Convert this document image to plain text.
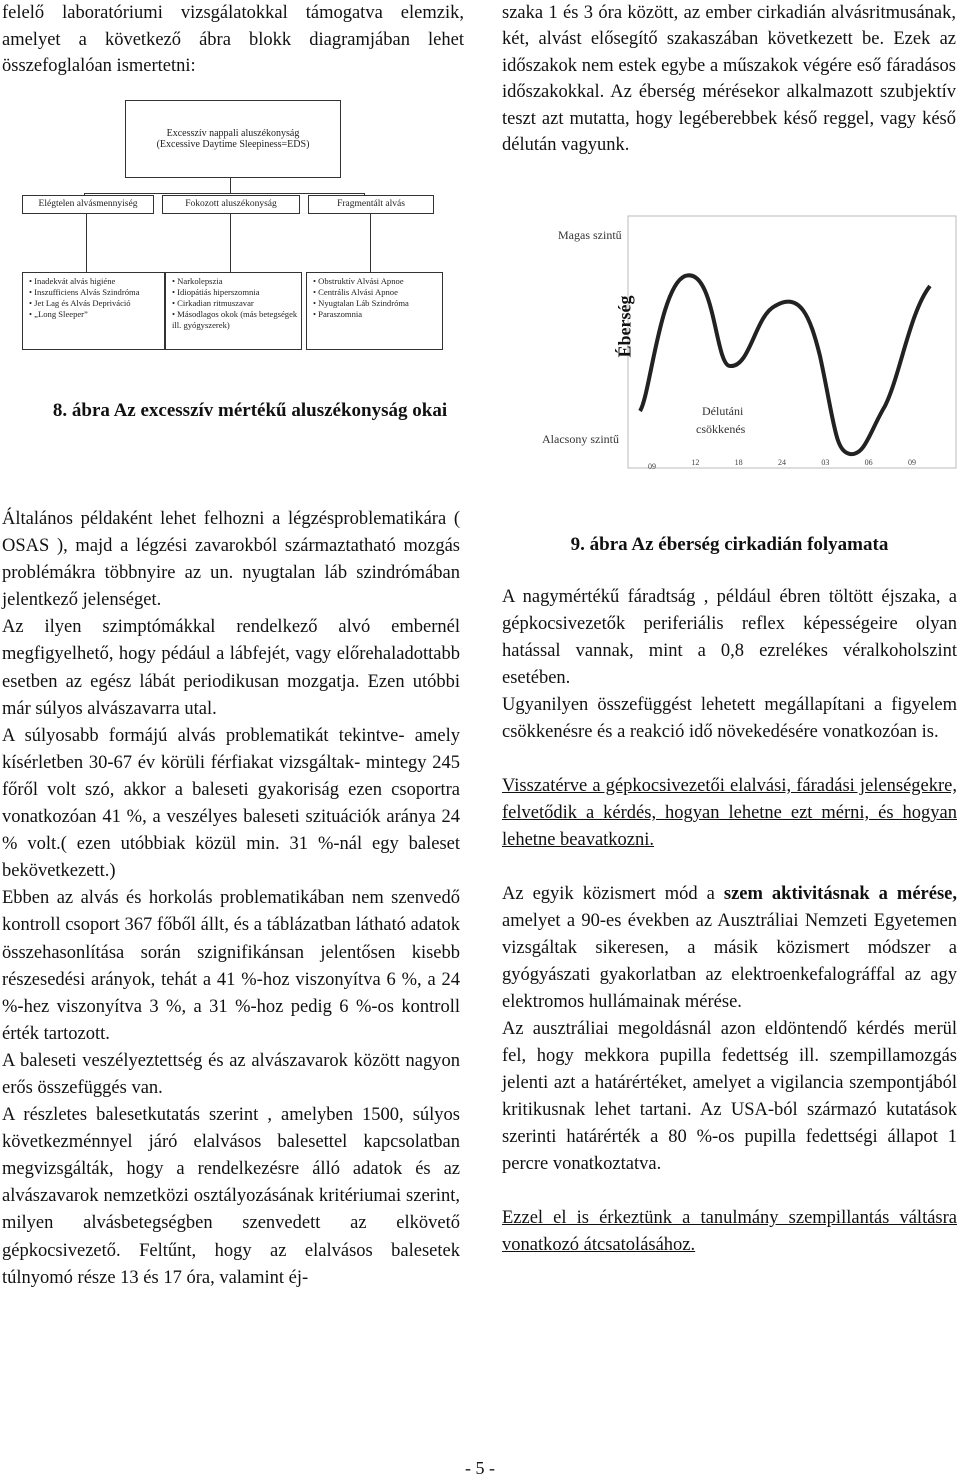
felelő laboratóriumi vizsgálatokkal támogatva elemzik, amelyet a következő ábra blokk diagramjában lehet összefoglalóan ismertetni:

szaka 1 és 3 óra között, az ember cirkadián alvásritmusának, két, alvást elősegítő szakaszában következett be. Ezek az időszakok nem estek egybe a műszakok végére eső fáradásos időszakokkal. Az éberség mérésekor alkalmazott szubjektív teszt azt mutatta, hogy legéberebbek késő reggel, vagy késő délután vagyunk.

Excesszív nappali aluszékonyság
(Excessive Daytime Sleepiness=EDS)
Elégtelen alvásmennyiség	Fokozott aluszékonyság	Fragmentált alvás
• Inadekvát alvás higiéne
• Inszufficiens Alvás Szindróma
• Jet Lag és Alvás Depriváció
• „Long Sleeper”
• Narkolepszia
• Idiopátiás hiperszomnia
• Cirkadian ritmuszavar
• Másodlagos okok (más betegségek ill. gyógyszerek)
• Obstruktív Alvási Apnoe
• Centrális Alvási Apnoe
• Nyugtalan Láb Szindróma
• Paraszomnia
8. ábra Az excesszív mértékű aluszékonyság okai
Magas szintű
Alacsony szintű
Éberség
Délutáni
csökkenés
09	12	18	24	03	06	09
9. ábra Az éberség cirkadián folyamata

Általános példaként lehet felhozni a légzésproblematikára ( OSAS ), majd a légzési zavarokból származtatható mozgás problémákra többnyire az un. nyugtalan láb szindrómában jelentkező jelenséget.

Az ilyen szimptómákkal rendelkező alvó embernél megfigyelhető, hogy pédául a lábfejét, vagy előrehaladottabb esetben az egész lábát periodikusan mozgatja. Ezen utóbbi már súlyos alvászavarra utal.

A súlyosabb formájú alvás problematikát tekintve- amely kísérletben 30-67 év körüli férfiakat vizsgáltak- mintegy 245 főről volt szó, akkor a baleseti gyakoriság ezen csoportra vonatkozóan 41 %, a veszélyes baleseti szituációk aránya 24 % volt.( ezen utóbbiak közül min. 31 %-nál egy baleset bekövetkezett.)

Ebben az alvás és horkolás problematikában nem szenvedő kontroll csoport 367 főből állt, és a táblázatban látható adatok összehasonlítása során szignifikánsan jelentősen kisebb részesedési arányok, tehát a 41 %-hoz viszonyítva 6 %, a 24 %-hez viszonyítva 3 %, a 31 %-hoz pedig 6 %-os kontroll érték tartozott.

A baleseti veszélyeztettség és az alvászavarok között nagyon erős összefüggés van.

A részletes balesetkutatás szerint , amelyben 1500, súlyos következménnyel járó elalvásos balesettel kapcsolatban megvizsgálták, hogy a rendelkezésre álló adatok és az alvászavarok nemzetközi osztályozásának kritériumai szerint, milyen alvásbetegségben szenvedett az elkövető gépkocsivezető. Feltűnt, hogy az elalvásos balesetek túlnyomó része 13 és 17 óra, valamint éj-

A nagymértékű fáradtság , például ébren töltött éjszaka, a gépkocsivezetők periferiális reflex képességeire olyan hatással vannak, mint a 0,8 ezrelékes véralkoholszint esetében.

Ugyanilyen összefüggést lehetett megállapítani a figyelem csökkenésre és a reakció idő növekedésére vonatkozóan is.

Visszatérve a gépkocsivezetői elalvási, fáradási jelenségekre, felvetődik a kérdés, hogyan lehetne ezt mérni, és hogyan lehetne beavatkozni.

Az egyik közismert mód a szem aktivitásnak a mérése, amelyet a 90-es években az Ausztráliai Nemzeti Egyetemen vizsgáltak sikeresen, a másik közismert módszer a gyógyászati gyakorlatban az elektroenkefalográffal az agy elektromos hullámainak mérése.

Az ausztráliai megoldásnál azon eldöntendő kérdés merül fel, hogy mekkora pupilla fedettség ill. szempillamozgás jelenti azt a határértéket, amelyet a vigilancia szempontjából kritikusnak lehet tartani. Az USA-ból származó kutatások szerinti határérték a 80 %-os pupilla fedettségi állapot 1 percre vonatkoztatva.

Ezzel el is érkeztünk a tanulmány szempillantás váltásra vonatkozó átcsatolásához.

- 5 -
